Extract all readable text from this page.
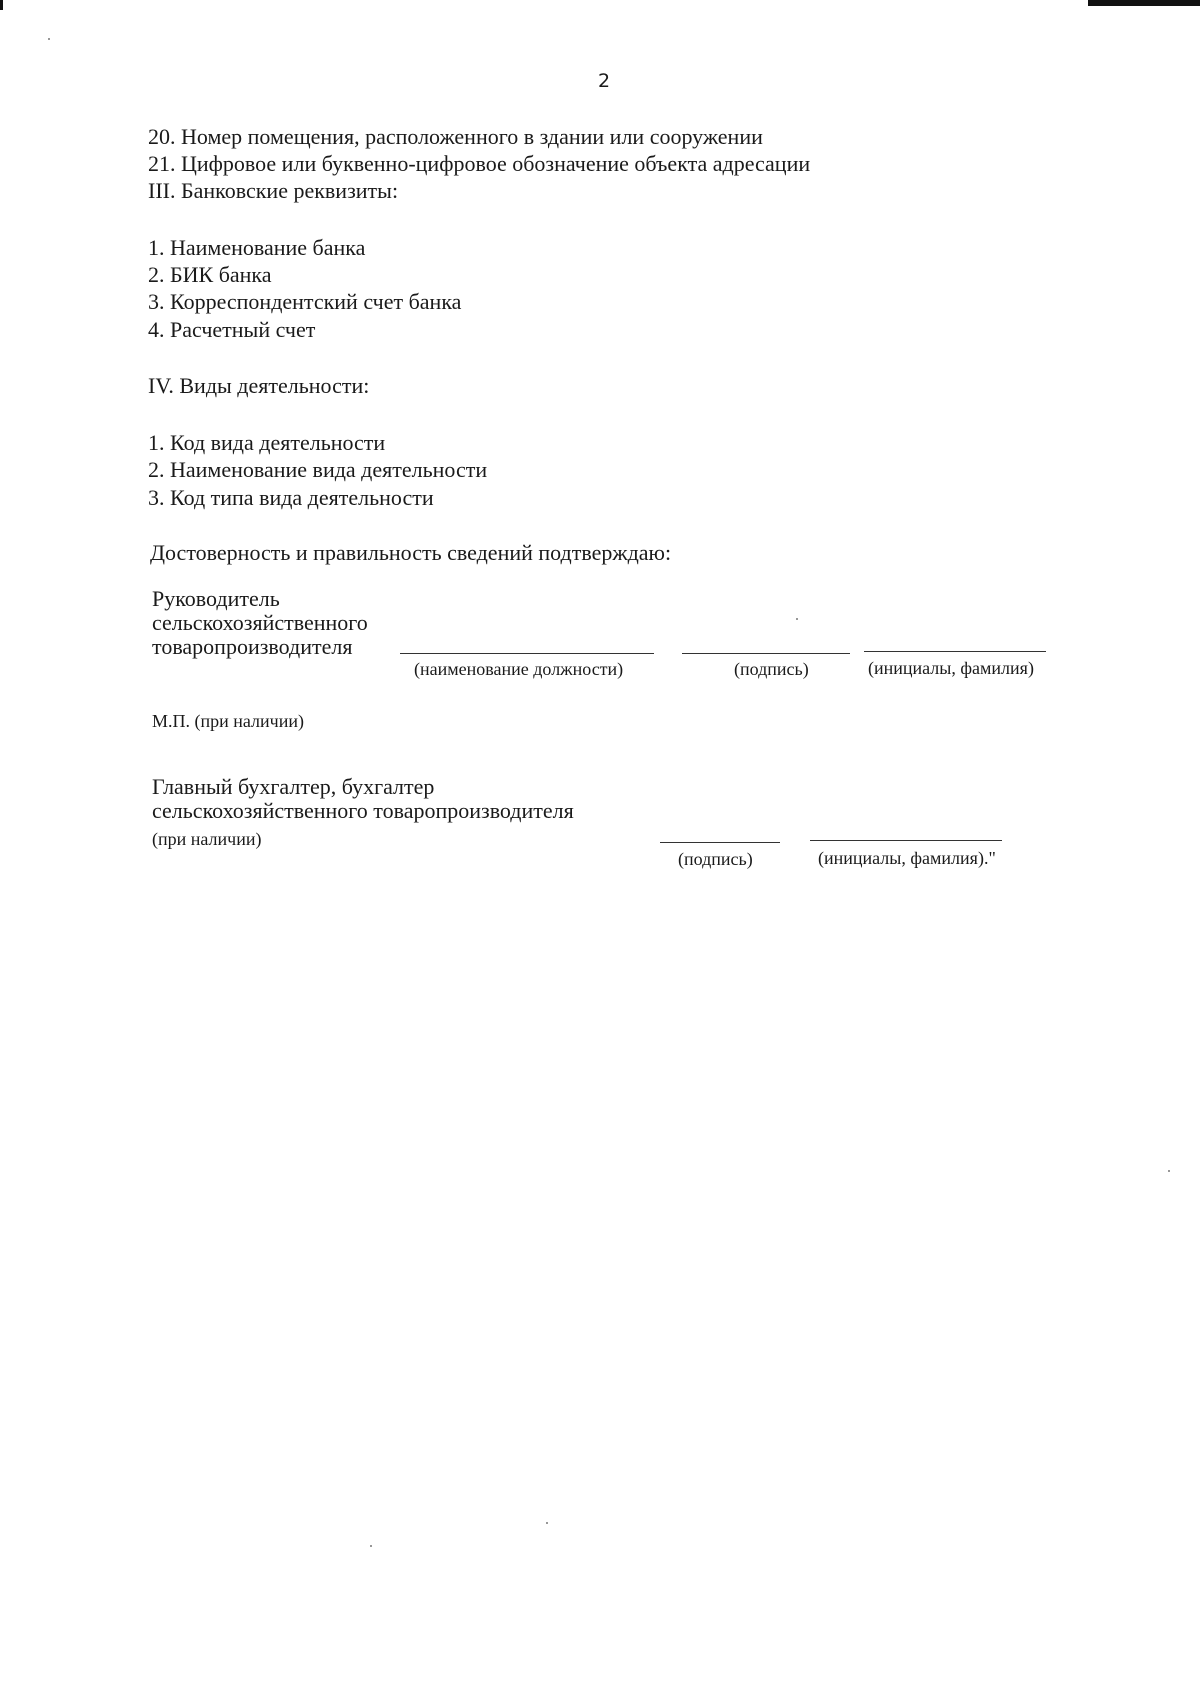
2
20. Номер помещения, расположенного в здании или сооружении
21. Цифровое или буквенно-цифровое обозначение объекта адресации
III. Банковские реквизиты:
1. Наименование банка
2. БИК банка
3. Корреспондентский счет банка
4. Расчетный счет
IV. Виды деятельности:
1. Код вида деятельности
2. Наименование вида деятельности
3. Код типа вида деятельности
Достоверность и правильность сведений подтверждаю:
Руководитель
сельскохозяйственного
товаропроизводителя
(наименование должности)	(подпись)	(инициалы, фамилия)
М.П. (при наличии)
Главный бухгалтер, бухгалтер
сельскохозяйственного товаропроизводителя
(при наличии)
(подпись)	(инициалы, фамилия)."
